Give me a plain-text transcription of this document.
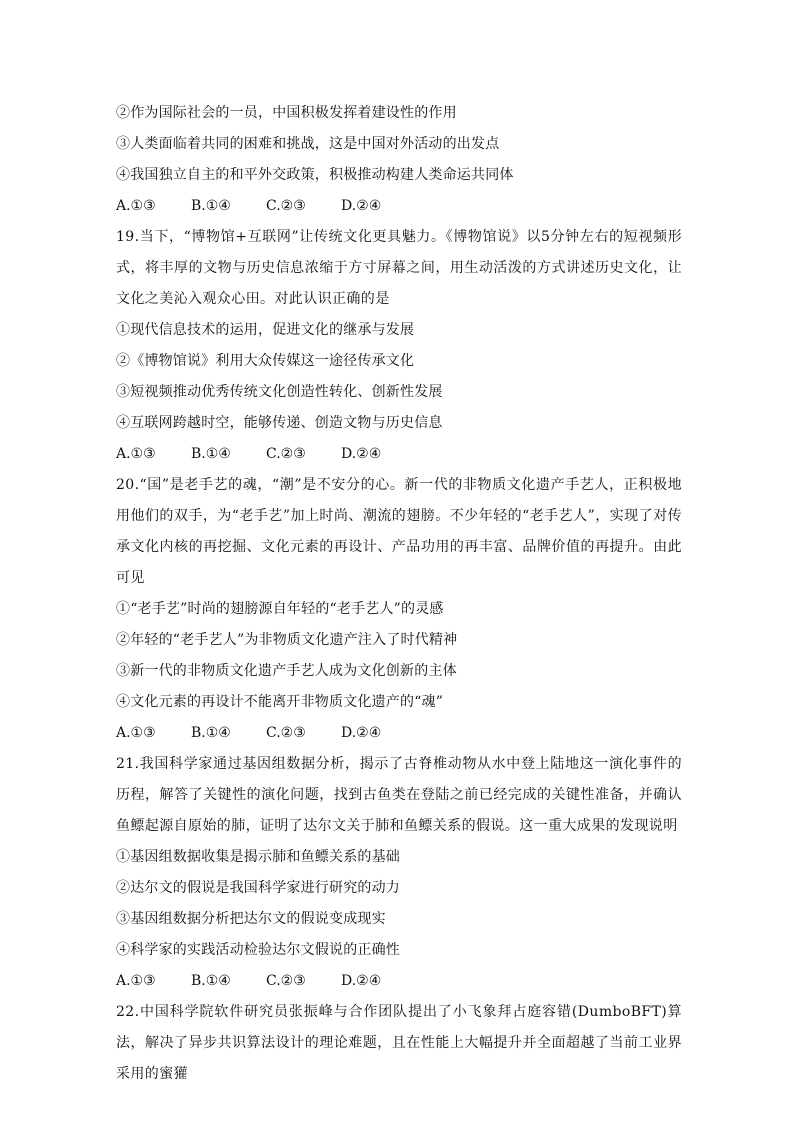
②作为国际社会的一员，中国积极发挥着建设性的作用
③人类面临着共同的困难和挑战，这是中国对外活动的出发点
④我国独立自主的和平外交政策，积极推动构建人类命运共同体
A.①③	B.①④	C.②③	D.②④
19.当下，“博物馆+互联网”让传统文化更具魅力。《博物馆说》以5分钟左右的短视频形式，将丰厚的文物与历史信息浓缩于方寸屏幕之间，用生动活泼的方式讲述历史文化，让文化之美沁入观众心田。对此认识正确的是
①现代信息技术的运用，促进文化的继承与发展
②《博物馆说》利用大众传媒这一途径传承文化
③短视频推动优秀传统文化创造性转化、创新性发展
④互联网跨越时空，能够传递、创造文物与历史信息
A.①③	B.①④	C.②③	D.②④
20.“国”是老手艺的魂，“潮”是不安分的心。新一代的非物质文化遗产手艺人，正积极地用他们的双手，为“老手艺”加上时尚、潮流的翅膀。不少年轻的“老手艺人”，实现了对传承文化内核的再挖掘、文化元素的再设计、产品功用的再丰富、品牌价值的再提升。由此可见
①“老手艺”时尚的翅膀源自年轻的“老手艺人”的灵感
②年轻的“老手艺人”为非物质文化遗产注入了时代精神
③新一代的非物质文化遗产手艺人成为文化创新的主体
④文化元素的再设计不能离开非物质文化遗产的“魂”
A.①③	B.①④	C.②③	D.②④
21.我国科学家通过基因组数据分析，揭示了古脊椎动物从水中登上陆地这一演化事件的历程，解答了关键性的演化问题，找到古鱼类在登陆之前已经完成的关键性准备，并确认鱼鳔起源自原始的肺，证明了达尔文关于肺和鱼鳔关系的假说。这一重大成果的发现说明
①基因组数据收集是揭示肺和鱼鳔关系的基础
②达尔文的假说是我国科学家进行研究的动力
③基因组数据分析把达尔文的假说变成现实
④科学家的实践活动检验达尔文假说的正确性
A.①③	B.①④	C.②③	D.②④
22.中国科学院软件研究员张振峰与合作团队提出了小飞象拜占庭容错(DumboBFT)算法，解决了异步共识算法设计的理论难题，且在性能上大幅提升并全面超越了当前工业界采用的蜜獾
